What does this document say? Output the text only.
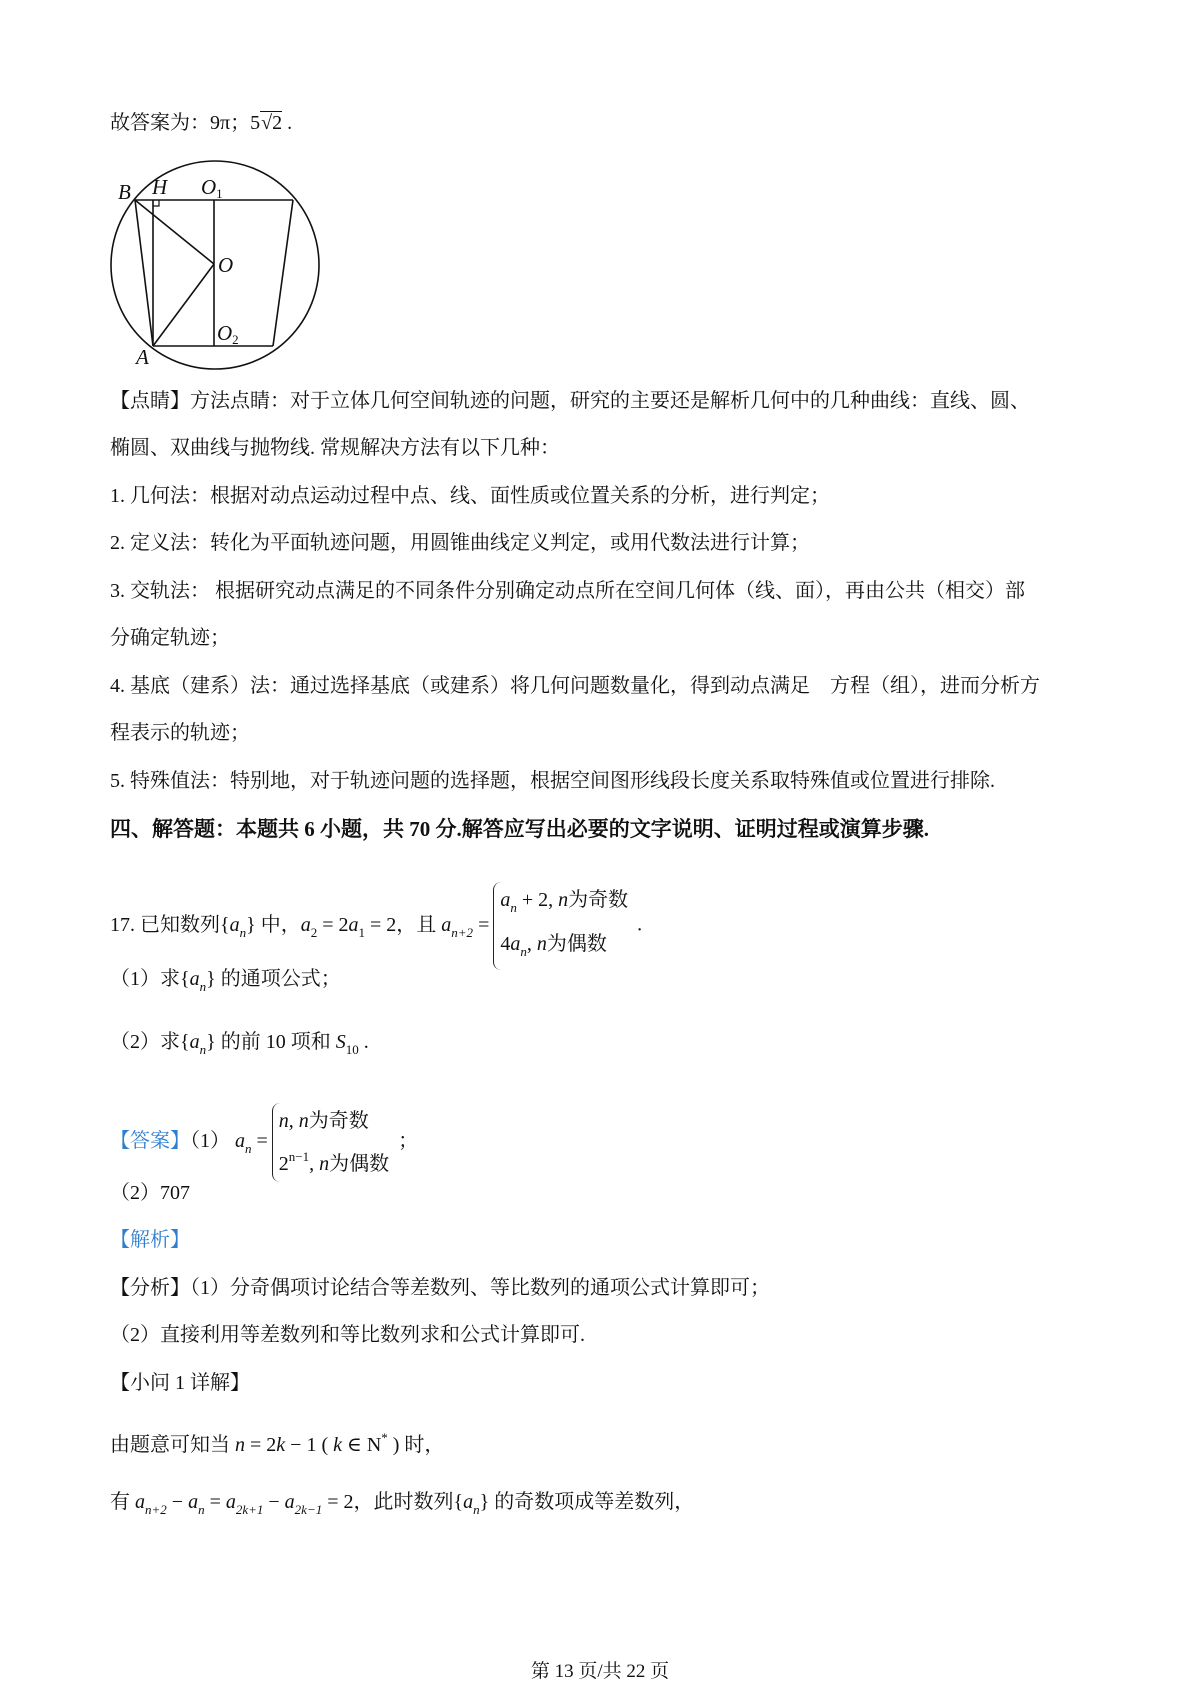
故答案为：9π；5√2 .
B H O1
O
O2
A
【点睛】方法点睛：对于立体几何空间轨迹的问题，研究的主要还是解析几何中的几种曲线：直线、圆、
椭圆、双曲线与抛物线. 常规解决方法有以下几种：
1. 几何法：根据对动点运动过程中点、线、面性质或位置关系的分析，进行判定；
2. 定义法：转化为平面轨迹问题，用圆锥曲线定义判定，或用代数法进行计算；
3. 交轨法： 根据研究动点满足的不同条件分别确定动点所在空间几何体（线、面），再由公共（相交）部
分确定轨迹；
4. 基底（建系）法：通过选择基底（或建系）将几何问题数量化，得到动点满足　方程（组），进而分析方
程表示的轨迹；
5. 特殊值法：特别地，对于轨迹问题的选择题，根据空间图形线段长度关系取特殊值或位置进行排除.
四、解答题：本题共 6 小题，共 70 分.解答应写出必要的文字说明、证明过程或演算步骤.
17. 已知数列$\{a_n\}$ 中，$a_2 = 2a_1 = 2$，且 $a_{n+2}$ =
$a_n + 2$, n为奇数
$4a_n$, n为偶数
.
（1）求$\{a_n\}$ 的通项公式；
（2）求$\{a_n\}$ 的前 10 项和 $S_{10}$ .
【答案】（1） $a_n$ =
n, n为奇数
$2^{n-1}$, n为偶数
；
（2）707
【解析】
【分析】（1）分奇偶项讨论结合等差数列、等比数列的通项公式计算即可；
（2）直接利用等差数列和等比数列求和公式计算即可.
【小问 1 详解】
由题意可知当 n = 2k − 1 ( k ∈ N* ) 时，
有 $a_{n+2} - a_n = a_{2k+1} - a_{2k-1} = 2$，此时数列$\{a_n\}$ 的奇数项成等差数列，
第 13 页/共 22 页
